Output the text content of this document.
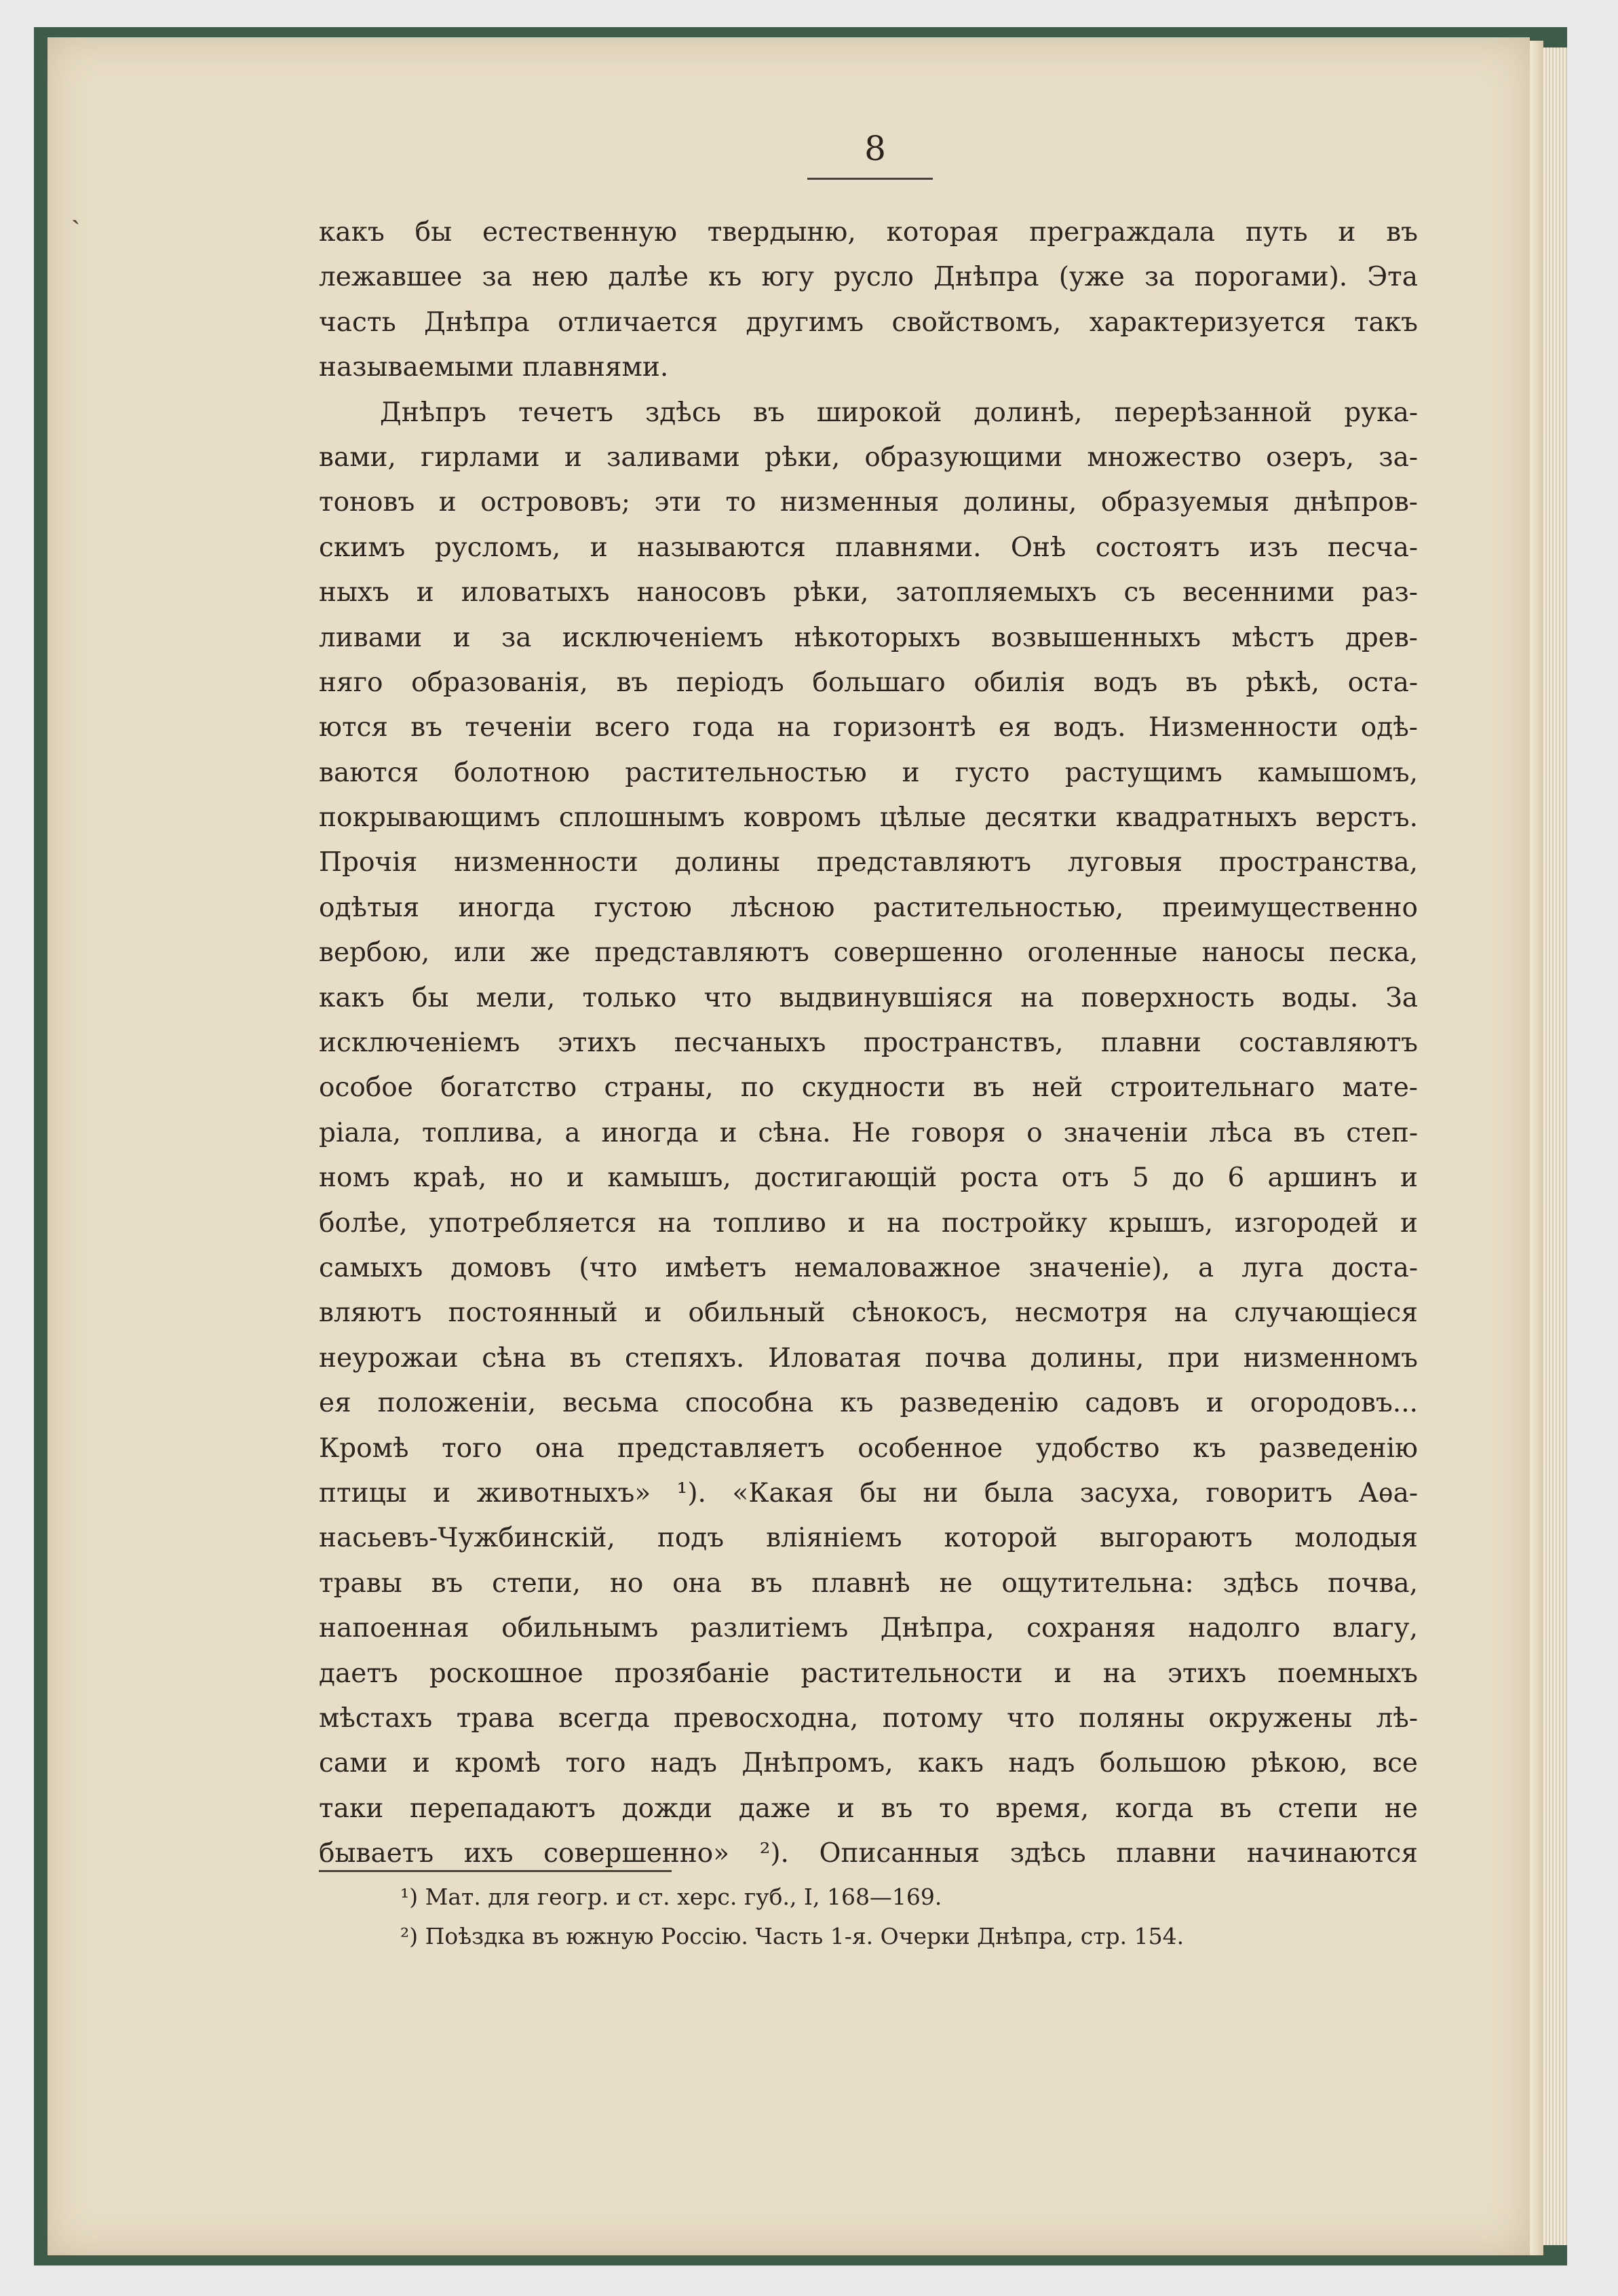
ˎ
8
какъ бы естественную твердыню, которая преграждала путь и въ
лежавшее за нею далѣе къ югу русло Днѣпра (уже за порогами). Эта
часть Днѣпра отличается другимъ свойствомъ, характеризуется такъ
называемыми плавнями.
Днѣпръ течетъ здѣсь въ широкой долинѣ, перерѣзанной рука-
вами, гирлами и заливами рѣки, образующими множество озеръ, за-
тоновъ и острововъ; эти то низменныя долины, образуемыя днѣпров-
скимъ русломъ, и называются плавнями. Онѣ состоятъ изъ песча-
ныхъ и иловатыхъ наносовъ рѣки, затопляемыхъ съ весенними раз-
ливами и за исключеніемъ нѣкоторыхъ возвышенныхъ мѣстъ древ-
няго образованія, въ періодъ большаго обилія водъ въ рѣкѣ, оста-
ются въ теченіи всего года на горизонтѣ ея водъ. Низменности одѣ-
ваются болотною растительностью и густо растущимъ камышомъ,
покрывающимъ сплошнымъ ковромъ цѣлые десятки квадратныхъ верстъ.
Прочія низменности долины представляютъ луговыя пространства,
одѣтыя иногда густою лѣсною растительностью, преимущественно
вербою, или же представляютъ совершенно оголенные наносы песка,
какъ бы мели, только что выдвинувшіяся на поверхность воды. За
исключеніемъ этихъ песчаныхъ пространствъ, плавни составляютъ
особое богатство страны, по скудности въ ней строительнаго мате-
ріала, топлива, а иногда и сѣна. Не говоря о значеніи лѣса въ степ-
номъ краѣ, но и камышъ, достигающій роста отъ 5 до 6 аршинъ и
болѣе, употребляется на топливо и на постройку крышъ, изгородей и
самыхъ домовъ (что имѣетъ немаловажное значеніе), а луга доста-
вляютъ постоянный и обильный сѣнокосъ, несмотря на случающіеся
неурожаи сѣна въ степяхъ. Иловатая почва долины, при низменномъ
ея положеніи, весьма способна къ разведенію садовъ и огородовъ...
Кромѣ того она представляетъ особенное удобство къ разведенію
птицы и животныхъ» ¹). «Какая бы ни была засуха, говоритъ Аѳа-
насьевъ-Чужбинскій, подъ вліяніемъ которой выгораютъ молодыя
травы въ степи, но она въ плавнѣ не ощутительна: здѣсь почва,
напоенная обильнымъ разлитіемъ Днѣпра, сохраняя надолго влагу,
даетъ роскошное прозябаніе растительности и на этихъ поемныхъ
мѣстахъ трава всегда превосходна, потому что поляны окружены лѣ-
сами и кромѣ того надъ Днѣпромъ, какъ надъ большою рѣкою, все
таки перепадаютъ дожди даже и въ то время, когда въ степи не
бываетъ ихъ совершенно» ²). Описанныя здѣсь плавни начинаются
¹) Мат. для геогр. и ст. херс. губ., I, 168—169.
²) Поѣздка въ южную Россію. Часть 1-я. Очерки Днѣпра, стр. 154.
